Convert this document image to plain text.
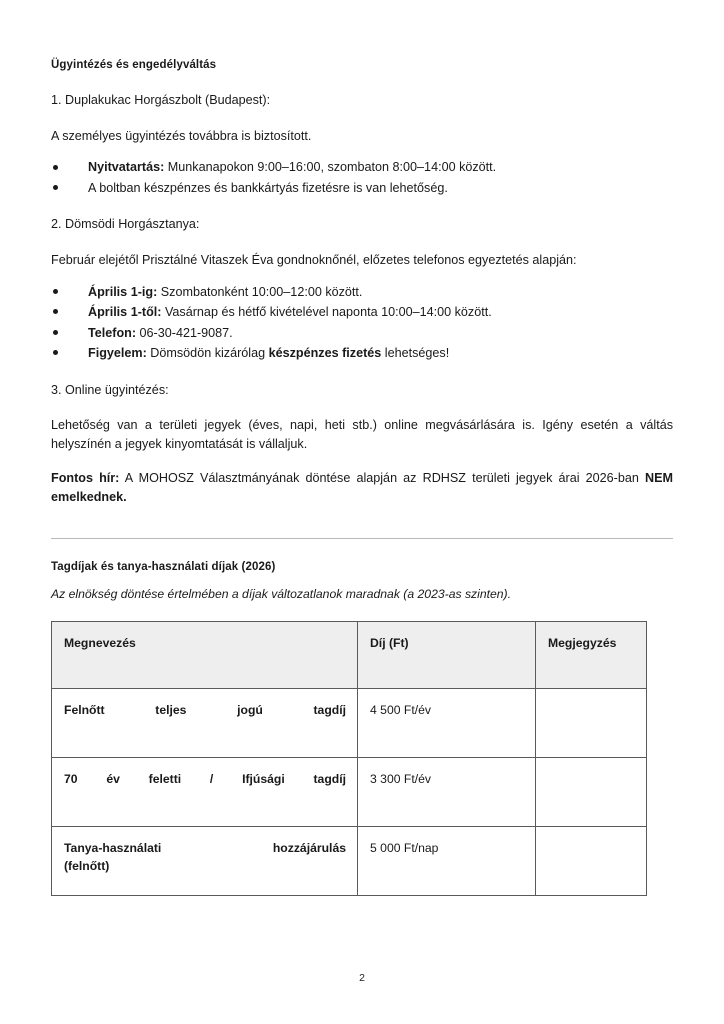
Ügyintézés és engedélyváltás

1. Duplakukac Horgászbolt (Budapest):

A személyes ügyintézés továbbra is biztosított.

Nyitvatartás: Munkanapokon 9:00–16:00, szombaton 8:00–14:00 között.
A boltban készpénzes és bankkártyás fizetésre is van lehetőség.

2. Dömsödi Horgásztanya:

Február elejétől Prisztálné Vitaszek Éva gondnoknőnél, előzetes telefonos egyeztetés alapján:

Április 1-ig: Szombatonként 10:00–12:00 között.
Április 1-től: Vasárnap és hétfő kivételével naponta 10:00–14:00 között.
Telefon: 06-30-421-9087.
Figyelem: Dömsödön kizárólag készpénzes fizetés lehetséges!

3. Online ügyintézés:

Lehetőség van a területi jegyek (éves, napi, heti stb.) online megvásárlására is. Igény esetén a váltás helyszínén a jegyek kinyomtatását is vállaljuk.

Fontos hír: A MOHOSZ Választmányának döntése alapján az RDHSZ területi jegyek árai 2026-ban NEM emelkednek.

Tagdíjak és tanya-használati díjak (2026)

Az elnökség döntése értelmében a díjak változatlanok maradnak (a 2023-as szinten).

Megnevezés	Díj (Ft)	Megjegyzés
Felnőtt teljes jogú tagdíj	4 500 Ft/év	
70 év feletti / Ifjúsági tagdíj	3 300 Ft/év	
Tanya-használati hozzájárulás
(felnőtt)	5 000 Ft/nap	
2
